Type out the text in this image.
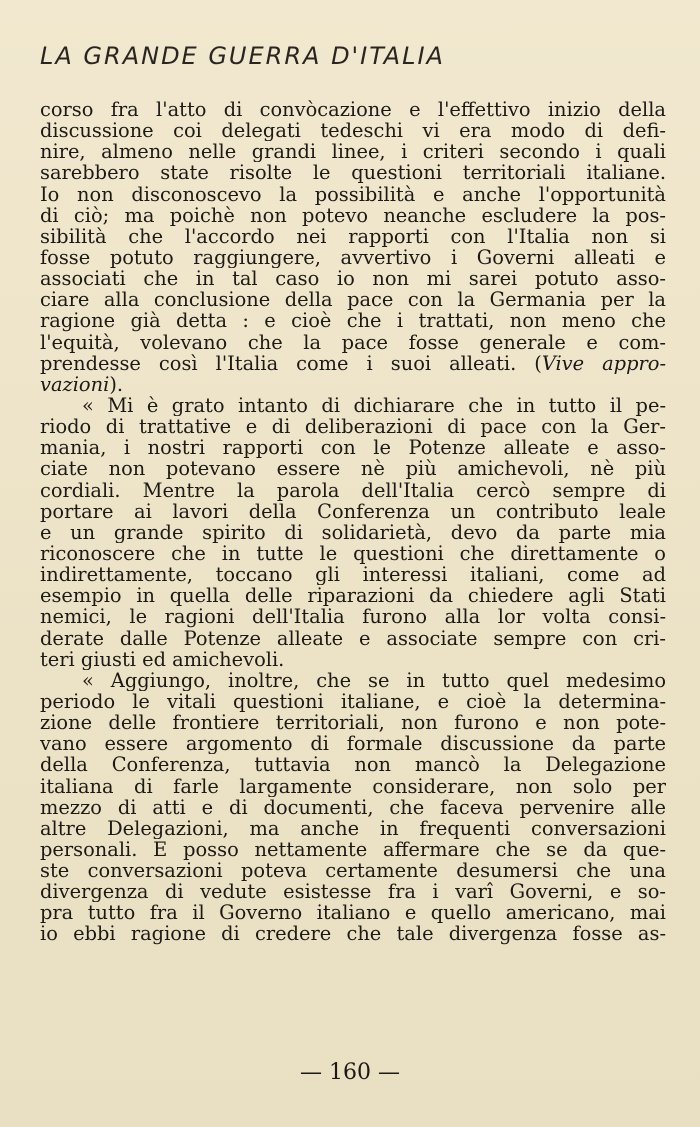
LA GRANDE GUERRA D'ITALIA
corso fra l'atto di convòcazione e l'effettivo inizio della
discussione coi delegati tedeschi vi era modo di defi-
nire, almeno nelle grandi linee, i criteri secondo i quali
sarebbero state risolte le questioni territoriali italiane.
Io non disconoscevo la possibilità e anche l'opportunità
di ciò; ma poichè non potevo neanche escludere la pos-
sibilità che l'accordo nei rapporti con l'Italia non si
fosse potuto raggiungere, avvertivo i Governi alleati e
associati che in tal caso io non mi sarei potuto asso-
ciare alla conclusione della pace con la Germania per la
ragione già detta : e cioè che i trattati, non meno che
l'equità, volevano che la pace fosse generale e com-
prendesse così l'Italia come i suoi alleati. (Vive appro-
vazioni).
« Mi è grato intanto di dichiarare che in tutto il pe-
riodo di trattative e di deliberazioni di pace con la Ger-
mania, i nostri rapporti con le Potenze alleate e asso-
ciate non potevano essere nè più amichevoli, nè più
cordiali. Mentre la parola dell'Italia cercò sempre di
portare ai lavori della Conferenza un contributo leale
e un grande spirito di solidarietà, devo da parte mia
riconoscere che in tutte le questioni che direttamente o
indirettamente, toccano gli interessi italiani, come ad
esempio in quella delle riparazioni da chiedere agli Stati
nemici, le ragioni dell'Italia furono alla lor volta consi-
derate dalle Potenze alleate e associate sempre con cri-
teri giusti ed amichevoli.
« Aggiungo, inoltre, che se in tutto quel medesimo
periodo le vitali questioni italiane, e cioè la determina-
zione delle frontiere territoriali, non furono e non pote-
vano essere argomento di formale discussione da parte
della Conferenza, tuttavia non mancò la Delegazione
italiana di farle largamente considerare, non solo per
mezzo di atti e di documenti, che faceva pervenire alle
altre Delegazioni, ma anche in frequenti conversazioni
personali. E posso nettamente affermare che se da que-
ste conversazioni poteva certamente desumersi che una
divergenza di vedute esistesse fra i varî Governi, e so-
pra tutto fra il Governo italiano e quello americano, mai
io ebbi ragione di credere che tale divergenza fosse as-
— 160 —
